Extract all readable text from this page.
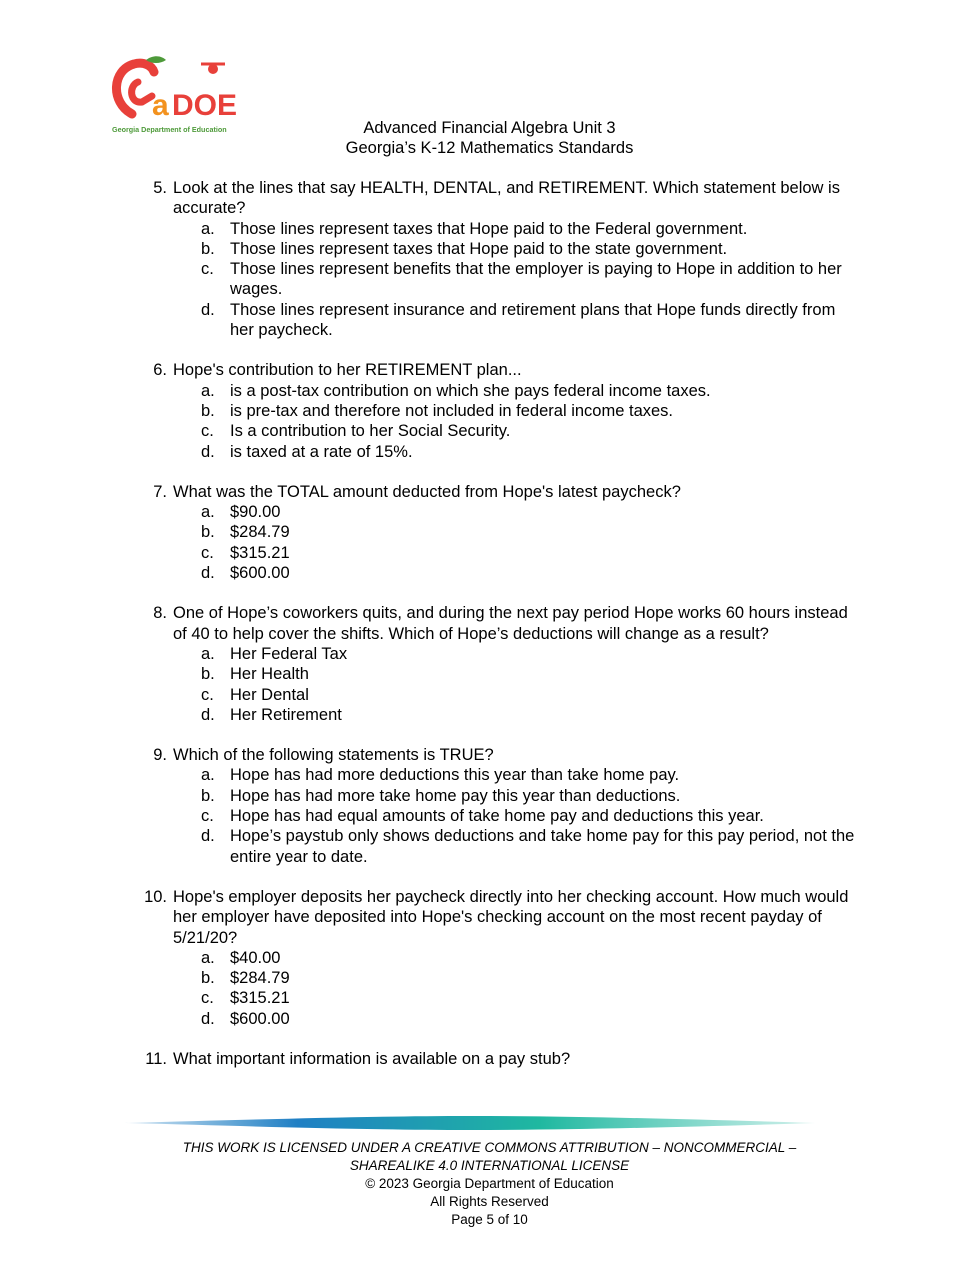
a DOE
Georgia Department of Education	Advanced Financial Algebra Unit 3
Georgia’s K-12 Mathematics Standards
5. Look at the lines that say HEALTH, DENTAL, and RETIREMENT. Which statement below is accurate?
a. Those lines represent taxes that Hope paid to the Federal government.
b. Those lines represent taxes that Hope paid to the state government.
c. Those lines represent benefits that the employer is paying to Hope in addition to her wages.
d. Those lines represent insurance and retirement plans that Hope funds directly from her paycheck.
6. Hope's contribution to her RETIREMENT plan...
a. is a post-tax contribution on which she pays federal income taxes.
b. is pre-tax and therefore not included in federal income taxes.
c. Is a contribution to her Social Security.
d. is taxed at a rate of 15%.
7. What was the TOTAL amount deducted from Hope's latest paycheck?
a. $90.00
b. $284.79
c. $315.21
d. $600.00
8. One of Hope’s coworkers quits, and during the next pay period Hope works 60 hours instead of 40 to help cover the shifts. Which of Hope’s deductions will change as a result?
a. Her Federal Tax
b. Her Health
c. Her Dental
d. Her Retirement
9. Which of the following statements is TRUE?
a. Hope has had more deductions this year than take home pay.
b. Hope has had more take home pay this year than deductions.
c. Hope has had equal amounts of take home pay and deductions this year.
d. Hope’s paystub only shows deductions and take home pay for this pay period, not the entire year to date.
10. Hope's employer deposits her paycheck directly into her checking account. How much would her employer have deposited into Hope's checking account on the most recent payday of 5/21/20?
a. $40.00
b. $284.79
c. $315.21
d. $600.00
11. What important information is available on a pay stub?
THIS WORK IS LICENSED UNDER A CREATIVE COMMONS ATTRIBUTION – NONCOMMERCIAL –
SHAREALIKE 4.0 INTERNATIONAL LICENSE
© 2023 Georgia Department of Education
All Rights Reserved
Page 5 of 10
